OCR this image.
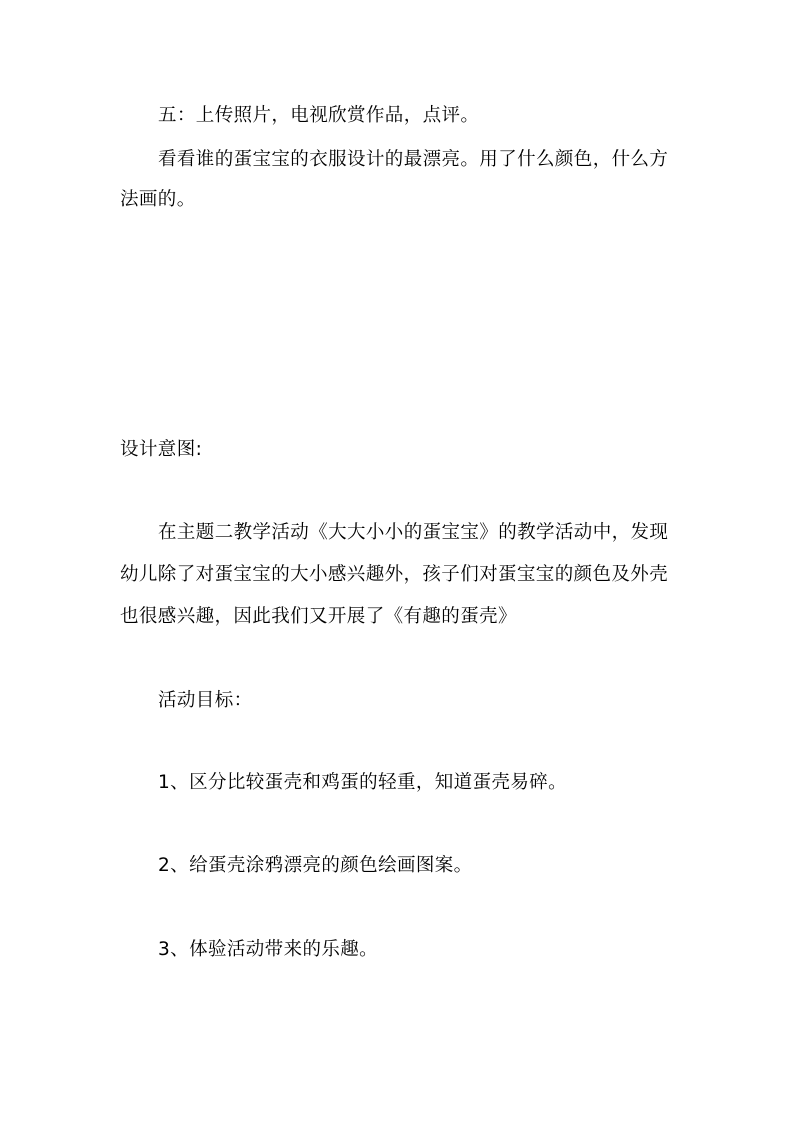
五：上传照片，电视欣赏作品，点评。
看看谁的蛋宝宝的衣服设计的最漂亮。用了什么颜色，什么方
法画的。
设计意图:
在主题二教学活动《大大小小的蛋宝宝》的教学活动中，发现
幼儿除了对蛋宝宝的大小感兴趣外，孩子们对蛋宝宝的颜色及外壳
也很感兴趣，因此我们又开展了《有趣的蛋壳》
活动目标：
1、区分比较蛋壳和鸡蛋的轻重，知道蛋壳易碎。
2、给蛋壳涂鸦漂亮的颜色绘画图案。
3、体验活动带来的乐趣。
